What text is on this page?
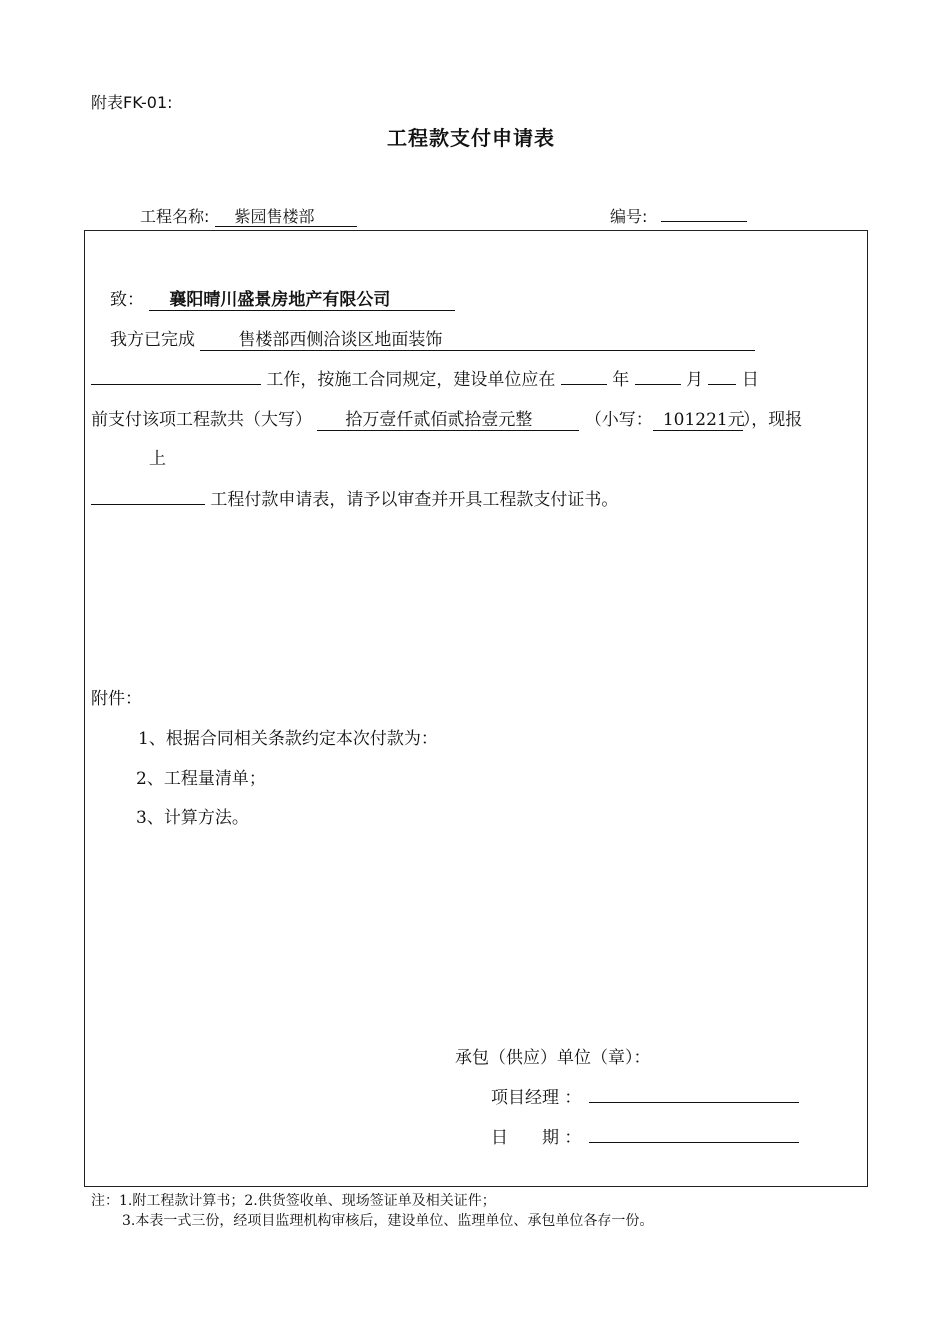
附表FK-01:
工程款支付申请表
工程名称: 紫园售楼部	编号:
致： 襄阳晴川盛景房地产有限公司
我方已完成	售楼部西侧洽谈区地面装饰
工作，按施工合同规定，建设单位应在	年	月 日
前支付该项工程款共（大写） 拾万壹仟贰佰贰拾壹元整	（小写： 101221元），现报
上
工程付款申请表，请予以审查并开具工程款支付证书。
附件：
1、根据合同相关条款约定本次付款为：
2、工程量清单；
3、计算方法。
承包（供应）单位（章）：
项目经理 ：
日　　期 ：
注：1.附工程款计算书；2.供货签收单、现场签证单及相关证件；
3.本表一式三份，经项目监理机构审核后，建设单位、监理单位、承包单位各存一份。
